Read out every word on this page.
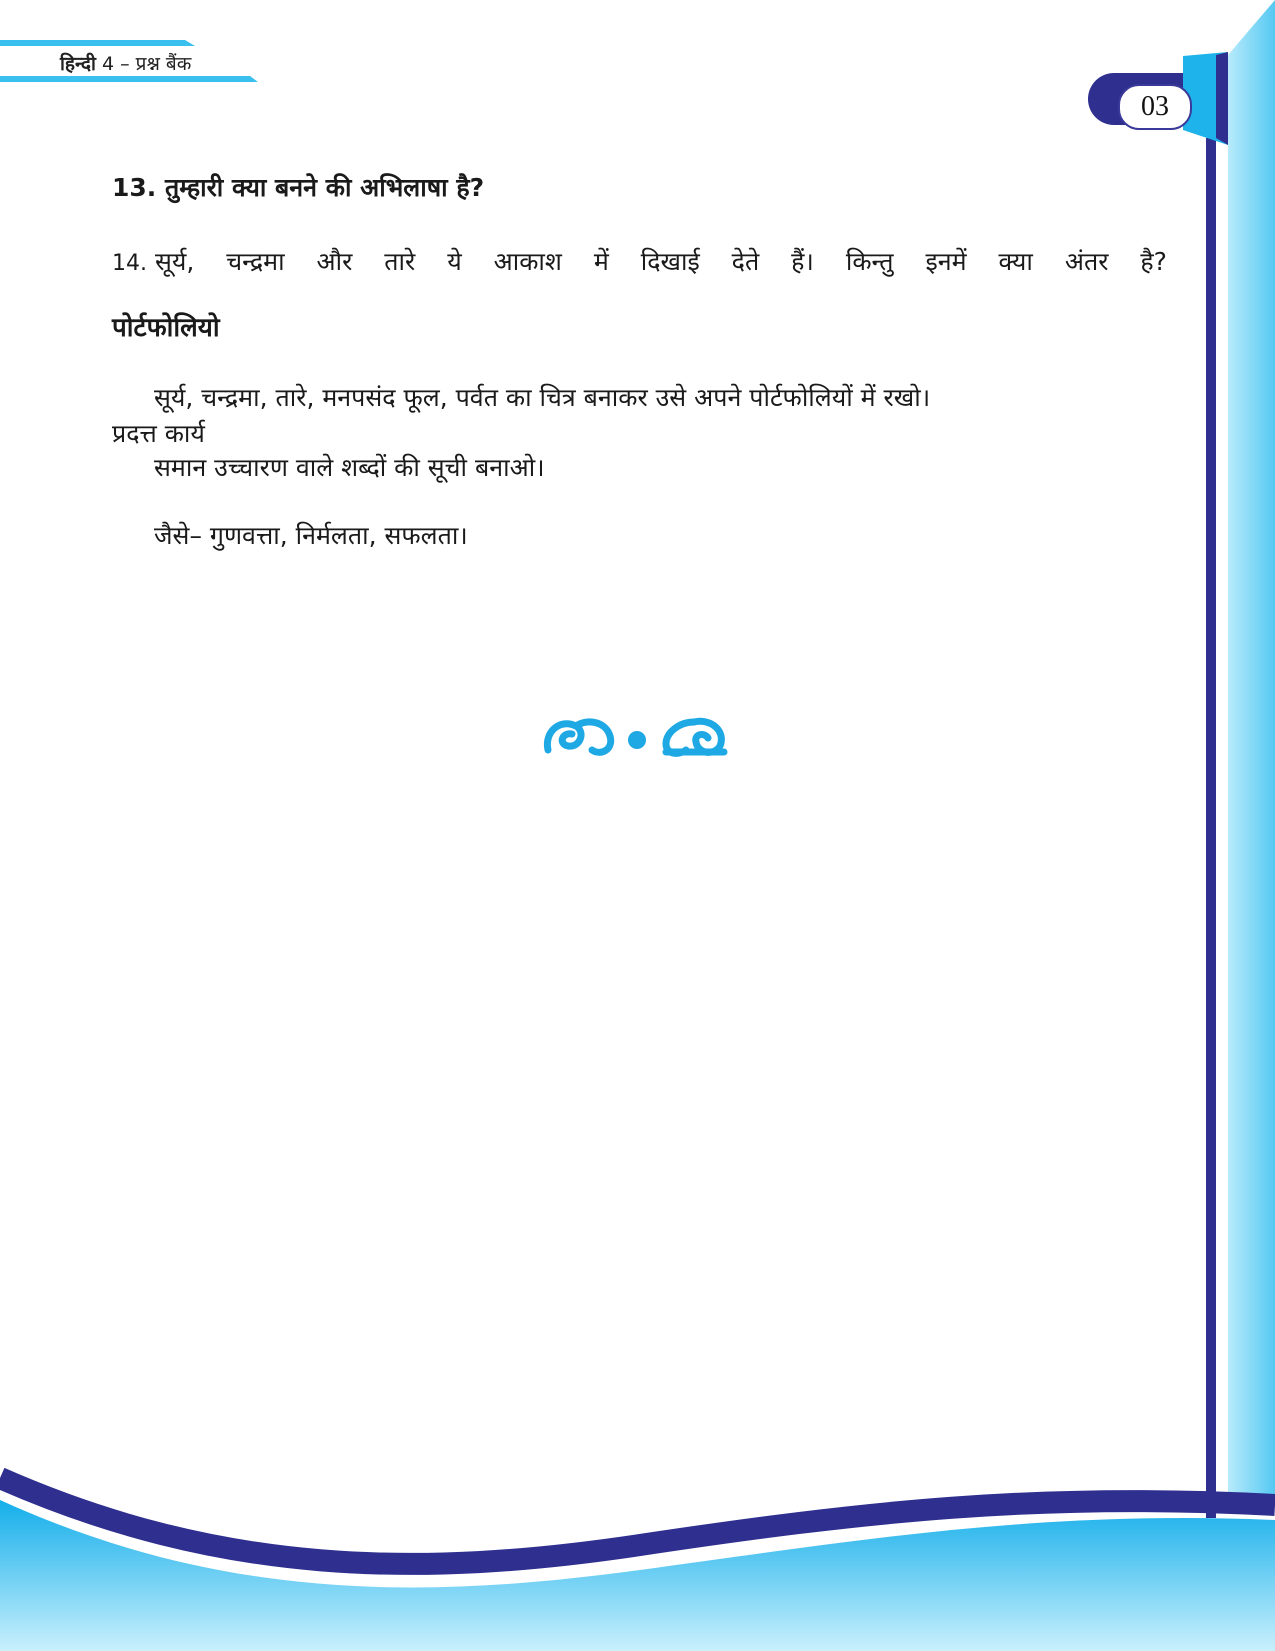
हिन्दी 4 – प्रश्न बैंक
03
13. तुम्हारी क्या बनने की अभिलाषा है?
14. सूर्य, चन्द्रमा और तारे ये आकाश में दिखाई देते हैं। किन्तु इनमें क्या अंतर है?
पोर्टफोलियो
सूर्य, चन्द्रमा, तारे, मनपसंद फूल, पर्वत का चित्र बनाकर उसे अपने पोर्टफोलियों में रखो।
प्रदत्त कार्य
समान उच्चारण वाले शब्दों की सूची बनाओ।
जैसे– गुणवत्ता, निर्मलता, सफलता।
